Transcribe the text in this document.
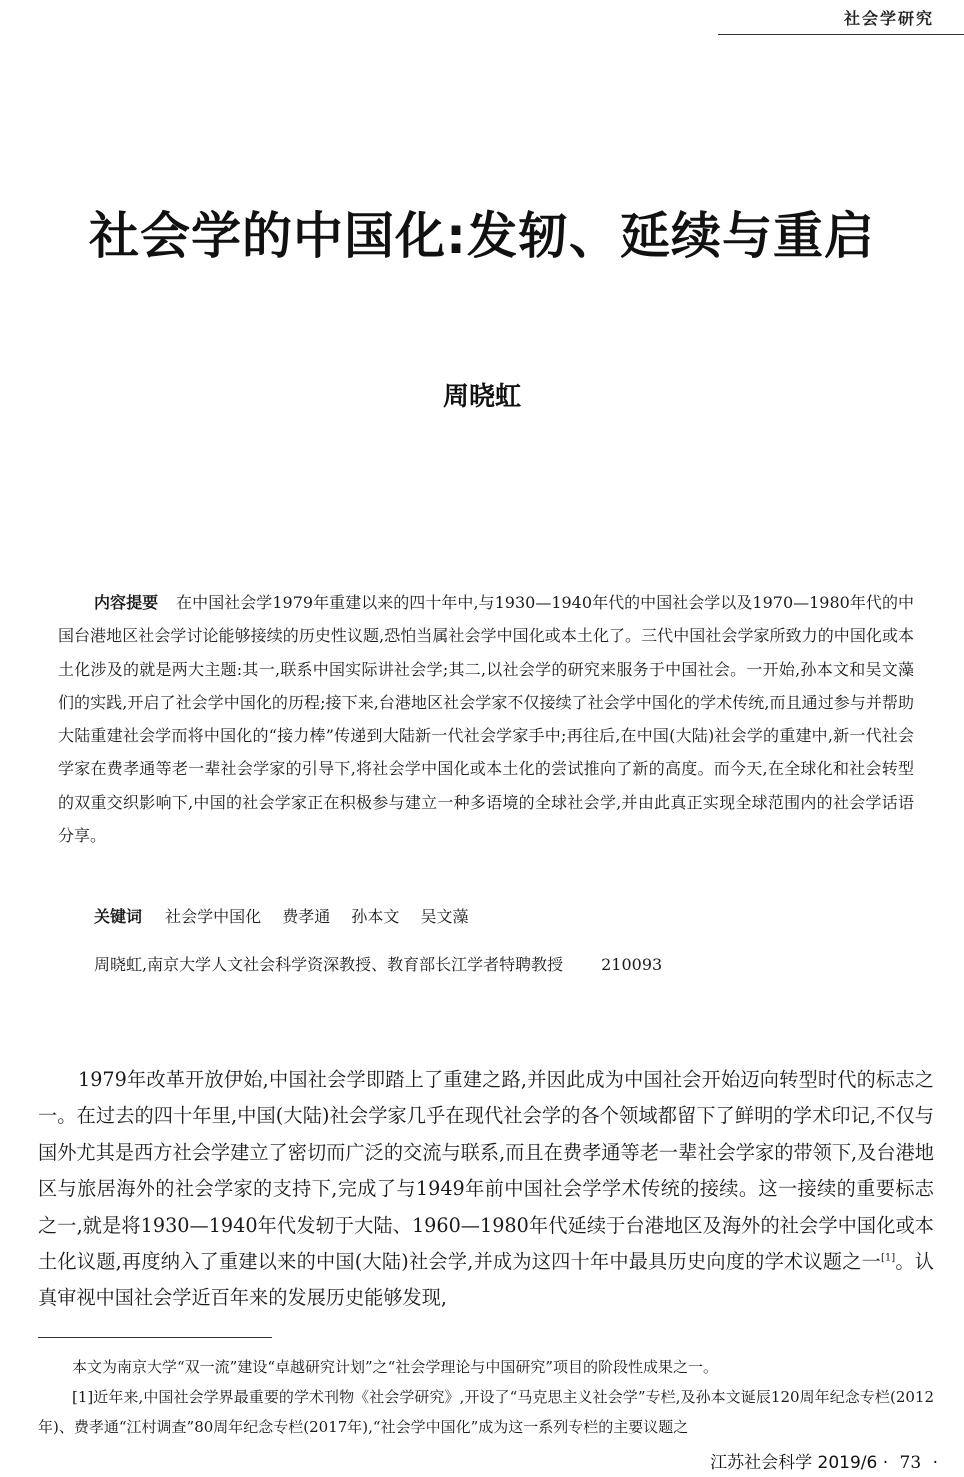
社会学研究
社会学的中国化:发轫、延续与重启
周晓虹
内容提要 在中国社会学1979年重建以来的四十年中,与1930—1940年代的中国社会学以及1970—1980年代的中国台港地区社会学讨论能够接续的历史性议题,恐怕当属社会学中国化或本土化了。三代中国社会学家所致力的中国化或本土化涉及的就是两大主题:其一,联系中国实际讲社会学;其二,以社会学的研究来服务于中国社会。一开始,孙本文和吴文藻们的实践,开启了社会学中国化的历程;接下来,台港地区社会学家不仅接续了社会学中国化的学术传统,而且通过参与并帮助大陆重建社会学而将中国化的“接力棒”传递到大陆新一代社会学家手中;再往后,在中国(大陆)社会学的重建中,新一代社会学家在费孝通等老一辈社会学家的引导下,将社会学中国化或本土化的尝试推向了新的高度。而今天,在全球化和社会转型的双重交织影响下,中国的社会学家正在积极参与建立一种多语境的全球社会学,并由此真正实现全球范围内的社会学话语分享。
关键词 社会学中国化 费孝通 孙本文 吴文藻
周晓虹,南京大学人文社会科学资深教授、教育部长江学者特聘教授 210093
1979年改革开放伊始,中国社会学即踏上了重建之路,并因此成为中国社会开始迈向转型时代的标志之一。在过去的四十年里,中国(大陆)社会学家几乎在现代社会学的各个领域都留下了鲜明的学术印记,不仅与国外尤其是西方社会学建立了密切而广泛的交流与联系,而且在费孝通等老一辈社会学家的带领下,及台港地区与旅居海外的社会学家的支持下,完成了与1949年前中国社会学学术传统的接续。这一接续的重要标志之一,就是将1930—1940年代发轫于大陆、1960—1980年代延续于台港地区及海外的社会学中国化或本土化议题,再度纳入了重建以来的中国(大陆)社会学,并成为这四十年中最具历史向度的学术议题之一[1]。认真审视中国社会学近百年来的发展历史能够发现,

本文为南京大学“双一流”建设“卓越研究计划”之“社会学理论与中国研究”项目的阶段性成果之一。

[1]近年来,中国社会学界最重要的学术刊物《社会学研究》,开设了“马克思主义社会学”专栏,及孙本文诞辰120周年纪念专栏(2012年)、费孝通“江村调查”80周年纪念专栏(2017年),“社会学中国化”成为这一系列专栏的主要议题之

江苏社会科学 2019/6 · 73 ·
